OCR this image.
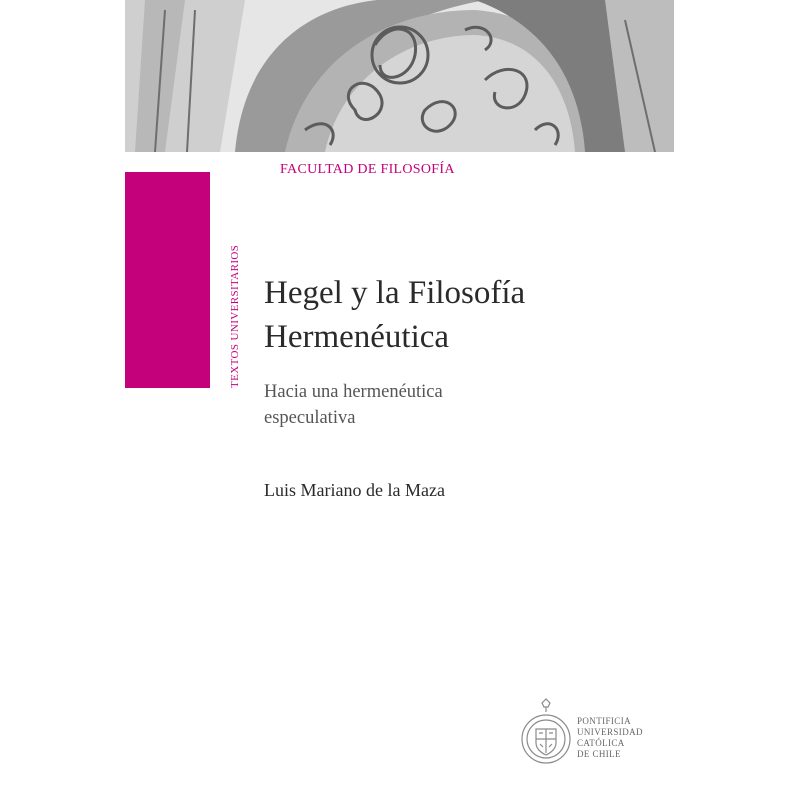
FACULTAD DE FILOSOFÍA
EDICIONES UC
TEXTOS UNIVERSITARIOS Hegel y la Filosofía
Hermenéutica
Hacia una hermenéutica
especulativa
Luis Mariano de la Maza
PONTIFICIA
UNIVERSIDAD
CATÓLICA
DE CHILE
